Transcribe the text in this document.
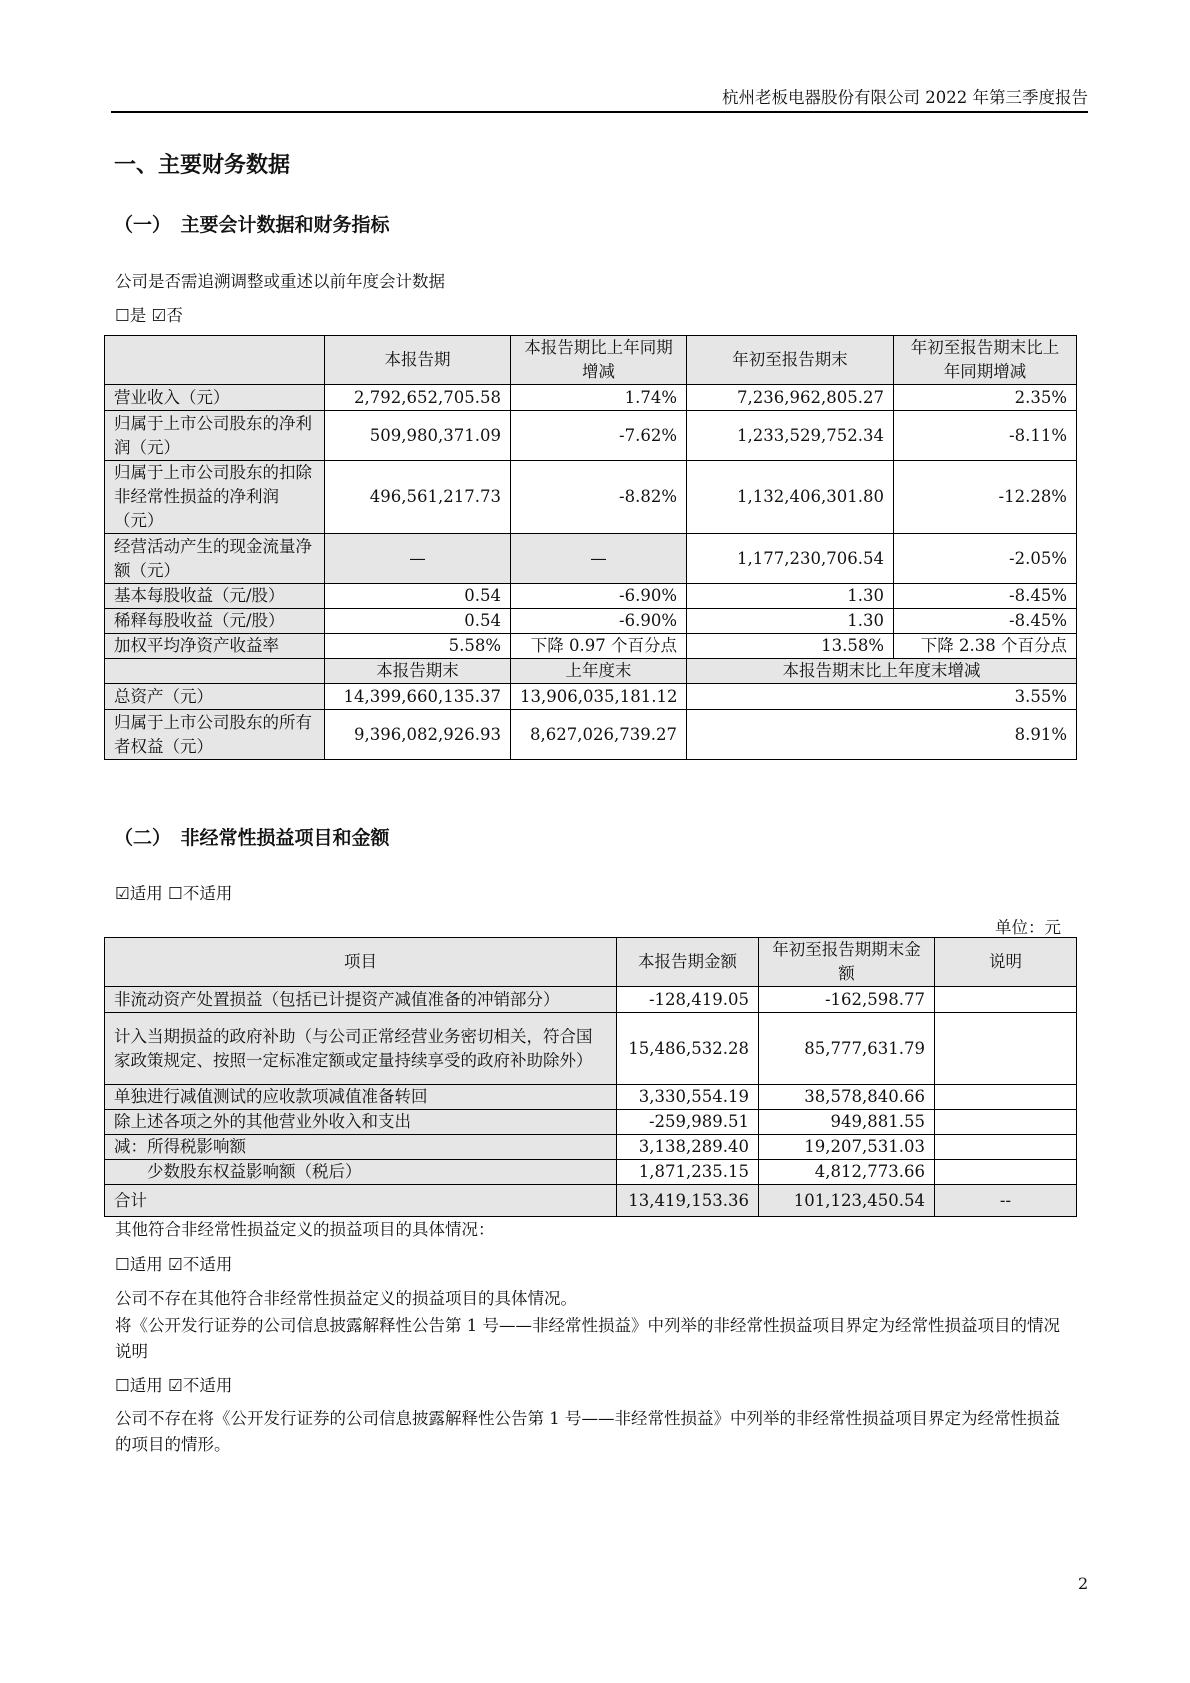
杭州老板电器股份有限公司 2022 年第三季度报告
一、主要财务数据
（一）　主要会计数据和财务指标
公司是否需追溯调整或重述以前年度会计数据
☐是 ☑否
	本报告期	本报告期比上年同期增减	年初至报告期末	年初至报告期末比上年同期增减
营业收入（元）	2,792,652,705.58	1.74%	7,236,962,805.27	2.35%
归属于上市公司股东的净利润（元）	509,980,371.09	-7.62%	1,233,529,752.34	-8.11%
归属于上市公司股东的扣除非经常性损益的净利润（元）	496,561,217.73	-8.82%	1,132,406,301.80	-12.28%
经营活动产生的现金流量净额（元）	—	—	1,177,230,706.54	-2.05%
基本每股收益（元/股）	0.54	-6.90%	1.30	-8.45%
稀释每股收益（元/股）	0.54	-6.90%	1.30	-8.45%
加权平均净资产收益率	5.58%	下降 0.97 个百分点	13.58%	下降 2.38 个百分点
	本报告期末	上年度末	本报告期末比上年度末增减	
总资产（元）	14,399,660,135.37	13,906,035,181.12	3.55%	
归属于上市公司股东的所有者权益（元）	9,396,082,926.93	8,627,026,739.27	8.91%	
（二）　非经常性损益项目和金额
☑适用 ☐不适用
单位：元
项目	本报告期金额	年初至报告期期末金额	说明
非流动资产处置损益（包括已计提资产减值准备的冲销部分）	-128,419.05	-162,598.77	
计入当期损益的政府补助（与公司正常经营业务密切相关，符合国家政策规定、按照一定标准定额或定量持续享受的政府补助除外）	15,486,532.28	85,777,631.79	
单独进行减值测试的应收款项减值准备转回	3,330,554.19	38,578,840.66	
除上述各项之外的其他营业外收入和支出	-259,989.51	949,881.55	
减：所得税影响额	3,138,289.40	19,207,531.03	
　　少数股东权益影响额（税后）	1,871,235.15	4,812,773.66	
合计	13,419,153.36	101,123,450.54	--
其他符合非经常性损益定义的损益项目的具体情况：
☐适用 ☑不适用
公司不存在其他符合非经常性损益定义的损益项目的具体情况。
将《公开发行证券的公司信息披露解释性公告第 1 号——非经常性损益》中列举的非经常性损益项目界定为经常性损益项目的情况说明
☐适用 ☑不适用
公司不存在将《公开发行证券的公司信息披露解释性公告第 1 号——非经常性损益》中列举的非经常性损益项目界定为经常性损益的项目的情形。
2
